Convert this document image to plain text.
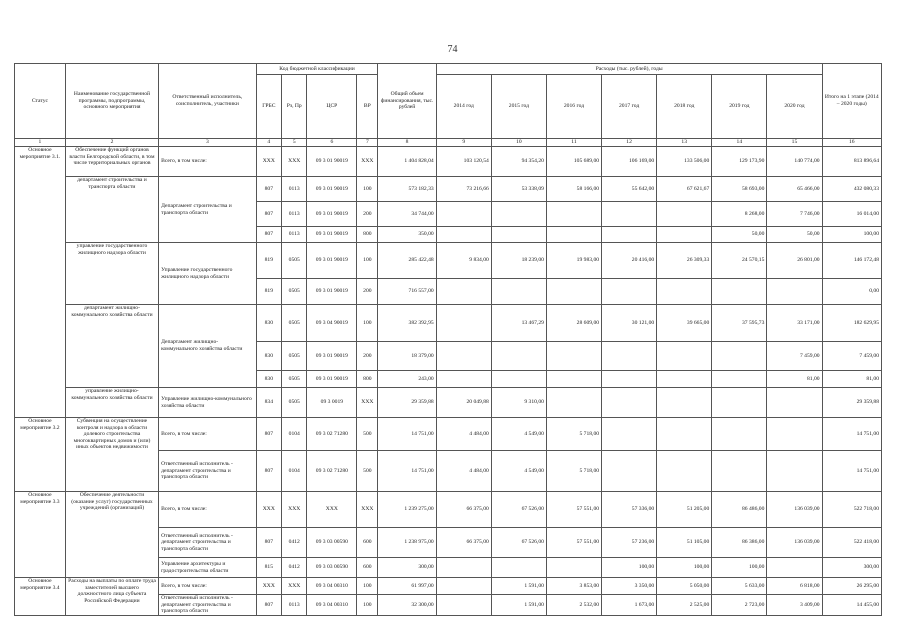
74
Статус	Наименование государственной программы, подпрограммы, основного мероприятия	Ответственный исполнитель, соисполнитель, участники	Код бюджетной классификации				Общий объем финансирования, тыс. рублей	Расходы (тыс. рублей), годы							Итого на 1 этапе (2014 – 2020 годы)
			ГРБС	Рз, Пр	ЦСР	ВР		2014 год	2015 год	2016 год	2017 год	2018 год	2019 год	2020 год	
1	2	3	4	5	6	7	8	9	10	11	12	13	14	15	16
Основное мероприятие 3.1.	Обеспечение функций органов власти Белгородской области, в том числе территориальных органов	Всего, в том числе:	XXX	XXX	09 3 01 90019	XXX	1 404 828,04	103 120,54	94 354,20	105 689,00	106 169,00	133 506,00	129 173,90	140 774,00	813 896,64
	департамент строительства и транспорта области	Департамент строительства и транспорта области	807	0113	09 3 01 90019	100	573 182,33	73 216,66	53 338,09	58 166,00	55 642,00	67 621,67	58 693,00	65 466,00	432 080,33
			807	0113	09 3 01 90019	200	34 744,00						8 268,00	7 746,00	16 014,00
			807	0113	09 3 01 90019	800	350,00						50,00	50,00	100,00
	управление государственного жилищного надзора области	Управление государственного жилищного надзора области	819	0505	09 3 01 90019	100	285 422,48	9 834,00	18 239,00	19 983,00	20 416,00	26 309,33	24 570,15	26 801,00	146 172,48
			819	0505	09 3 01 90019	200	716 557,00								0,00
	департамент жилищно-коммунального хозяйства области	Департамент жилищно-коммунального хозяйства области	830	0505	09 3 04 90019	100	382 392,95		13 467,29	28 609,00	30 121,00	39 665,00	37 595,73	33 171,00	182 629,95
			830	0505	09 3 01 90019	200	18 379,00							7 459,00	7 459,00
			830	0505	09 3 01 90019	800	243,00							81,00	81,00
	управление жилищно-коммунального хозяйства области	Управление жилищно-коммунального хозяйства области	834	0505	09 3 0019	XXX	29 359,88	20 049,88	9 310,00						29 359,88
Основное мероприятие 3.2	Субвенция на осуществление контроля и надзора в области долевого строительства многоквартирных домов и (или) иных объектов недвижимости	Всего, в том числе:	807	0104	09 3 02 71280	500	14 751,00	4 484,00	4 549,00	5 718,00					14 751,00
		Ответственный исполнитель - департамент строительства и транспорта области	807	0104	09 3 02 71280	500	14 751,00	4 484,00	4 549,00	5 718,00					14 751,00
Основное мероприятие 3.3	Обеспечение деятельности (оказание услуг) государственных учреждений (организаций)	Всего, в том числе:	XXX	XXX	XXX	XXX	1 239 275,00	66 375,00	67 526,00	57 551,00	57 336,00	51 205,00	86 486,00	136 039,00	522 718,00
		Ответственный исполнитель - департамент строительства и транспорта области	807	0412	09 3 03 00590	600	1 238 975,00	66 375,00	67 526,00	57 551,00	57 236,00	51 105,00	86 386,00	136 039,00	522 418,00
		Управление архитектуры и градостроительства области	815	0412	09 3 03 00590	600	300,00				100,00	100,00	100,00		300,00
Основное мероприятие 3.4	Расходы на выплаты по оплате труда заместителей высшего должностного лица субъекта Российской Федерации	Всего, в том числе:	XXX	XXX	09 3 04 00310	100	61 997,00		1 591,00	3 853,00	3 350,00	5 050,00	5 633,00	6 818,00	26 295,00
		Ответственный исполнитель - департамент строительства и транспорта области	807	0113	09 3 04 00310	100	32 300,00		1 591,00	2 532,00	1 673,00	2 525,00	2 723,00	3 409,00	14 455,00
